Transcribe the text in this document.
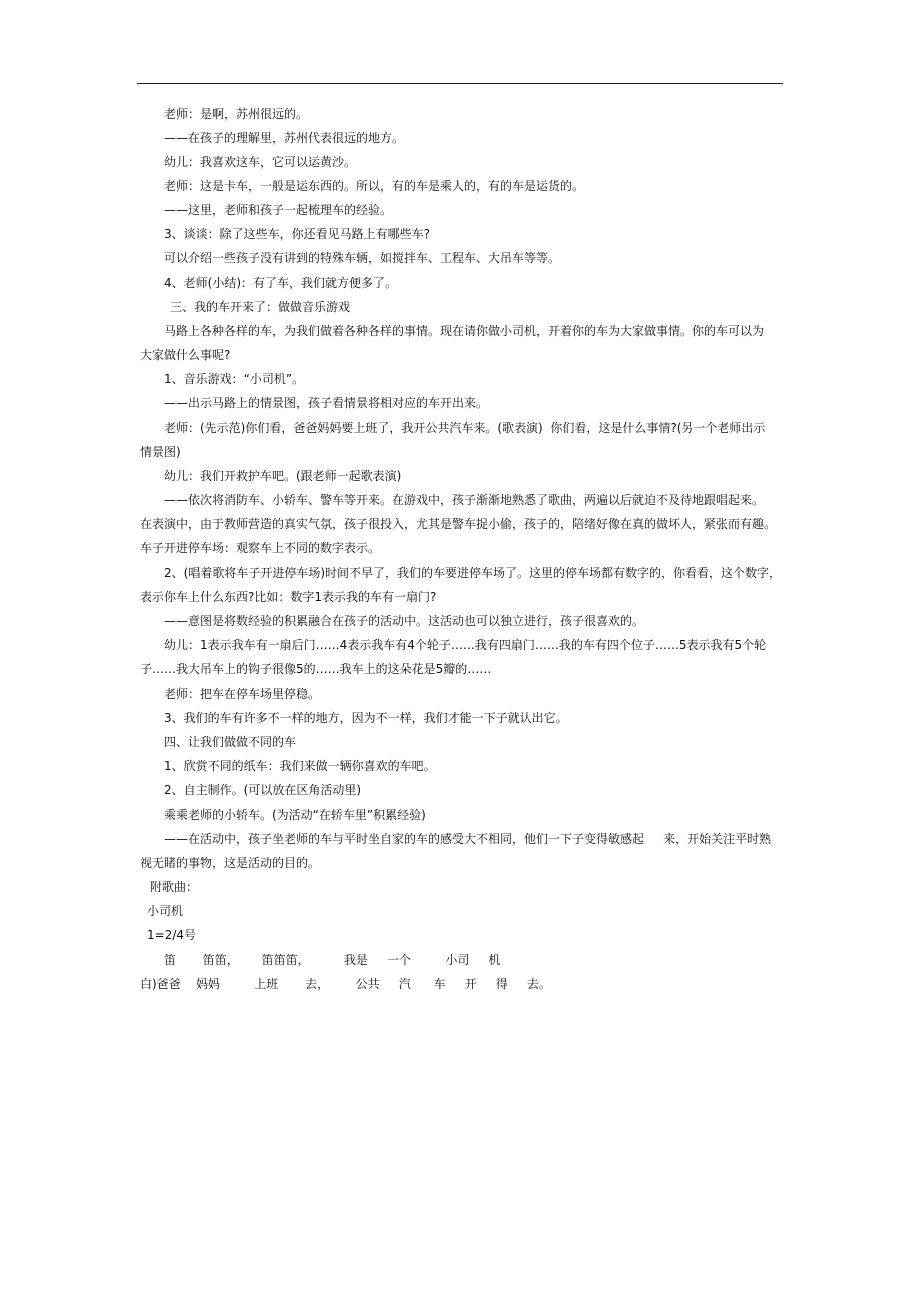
老师：是啊，苏州很远的。
——在孩子的理解里，苏州代表很远的地方。
幼儿：我喜欢这车，它可以运黄沙。
老师：这是卡车，一般是运东西的。所以，有的车是乘人的，有的车是运货的。
——这里，老师和孩子一起梳理车的经验。
3、谈谈：除了这些车，你还看见马路上有哪些车?
可以介绍一些孩子没有讲到的特殊车辆，如搅拌车、工程车、大吊车等等。
4、老师(小结)：有了车，我们就方便多了。
三、我的车开来了：做做音乐游戏
马路上各种各样的车，为我们做着各种各样的事情。现在请你做小司机，开着你的车为大家做事情。你的车可以为
大家做什么事呢?
1、音乐游戏：“小司机”。
——出示马路上的情景图，孩子看情景将相对应的车开出来。
老师：(先示范)你们看，爸爸妈妈要上班了，我开公共汽车来。(歌表演)  你们看，这是什么事情?(另一个老师出示
情景图)
幼儿：我们开救护车吧。(跟老师一起歌表演)
——依次将消防车、小轿车、警车等开来。在游戏中，孩子渐渐地熟悉了歌曲，两遍以后就迫不及待地跟唱起来。
在表演中，由于教师营造的真实气氛，孩子很投入，尤其是警车捉小偷，孩子的，陪绪好像在真的做坏人，紧张而有趣。
车子开进停车场：观察车上不同的数字表示。
2、(唱着歌将车子开进停车场)时间不早了，我们的车要进停车场了。这里的停车场都有数字的，你看看，这个数字，
表示你车上什么东西?比如：数字1表示我的车有一扇门?
——意图是将数经验的积累融合在孩子的活动中。这活动也可以独立进行，孩子很喜欢的。
幼儿：1表示我车有一扇后门……4表示我车有4个轮子……我有四扇门……我的车有四个位子……5表示我有5个轮
子……我大吊车上的钩子很像5的……我车上的这朵花是5瓣的……
老师：把车在停车场里停稳。
3、我们的车有许多不一样的地方，因为不一样，我们才能一下子就认出它。
四、让我们做做不同的车
1、欣赏不同的纸车：我们来做一辆你喜欢的车吧。
2、自主制作。(可以放在区角活动里)
乘乘老师的小轿车。(为活动“在轿车里”积累经验)
——在活动中，孩子坐老师的车与平时坐自家的车的感受大不相同，他们一下子变得敏感起     来，开始关注平时熟
视无睹的事物，这是活动的目的。
附歌曲：
小司机
1=2/4号
笛       笛笛，      笛笛笛，         我是     一个         小司     机
白)爸爸    妈妈         上班       去，       公共     汽      车     开     得     去。
